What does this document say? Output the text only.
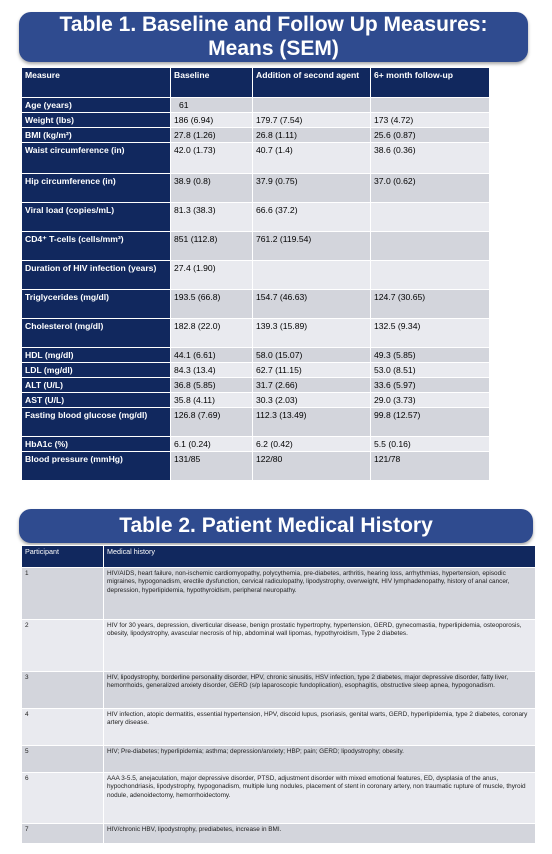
Table 1. Baseline and Follow Up Measures:
Means (SEM)
Measure	Baseline	Addition of second agent	6+ month follow-up
Age (years)	61		
Weight (lbs)	186 (6.94)	179.7 (7.54)	173 (4.72)
BMI (kg/m²)	27.8 (1.26)	26.8 (1.11)	25.6 (0.87)
Waist circumference (in)	42.0 (1.73)	40.7 (1.4)	38.6 (0.36)
Hip circumference (in)	38.9 (0.8)	37.9 (0.75)	37.0 (0.62)
Viral load (copies/mL)	81.3 (38.3)	66.6 (37.2)	
CD4⁺ T-cells (cells/mm³)	851 (112.8)	761.2 (119.54)	
Duration of HIV infection (years)	27.4 (1.90)		
Triglycerides (mg/dl)	193.5 (66.8)	154.7 (46.63)	124.7 (30.65)
Cholesterol (mg/dl)	182.8 (22.0)	139.3 (15.89)	132.5 (9.34)
HDL (mg/dl)	44.1 (6.61)	58.0 (15.07)	49.3 (5.85)
LDL (mg/dl)	84.3 (13.4)	62.7 (11.15)	53.0 (8.51)
ALT (U/L)	36.8 (5.85)	31.7 (2.66)	33.6 (5.97)
AST (U/L)	35.8 (4.11)	30.3 (2.03)	29.0 (3.73)
Fasting blood glucose (mg/dl)	126.8 (7.69)	112.3 (13.49)	99.8 (12.57)
HbA1c (%)	6.1 (0.24)	6.2 (0.42)	5.5 (0.16)
Blood pressure (mmHg)	131/85	122/80	121/78
Table 2. Patient Medical History
Participant	Medical history
1	HIV/AIDS, heart failure, non-ischemic cardiomyopathy, polycythemia, pre-diabetes, arthritis, hearing loss, arrhythmias, hypertension, episodic migraines, hypogonadism, erectile dysfunction, cervical radiculopathy, lipodystrophy, overweight, HIV lymphadenopathy, history of anal cancer, depression, hyperlipidemia, hypothyroidism, peripheral neuropathy.
2	HIV for 30 years, depression, diverticular disease, benign prostatic hypertrophy, hypertension, GERD, gynecomastia, hyperlipidemia, osteoporosis, obesity, lipodystrophy, avascular necrosis of hip, abdominal wall lipomas, hypothyroidism, Type 2 diabetes.
3	HIV, lipodystrophy, borderline personality disorder, HPV, chronic sinusitis, HSV infection, type 2 diabetes, major depressive disorder, fatty liver, hemorrhoids, generalized anxiety disorder, GERD (s/p laparoscopic fundoplication), esophagitis, obstructive sleep apnea, hypogonadism.
4	HIV infection, atopic dermatitis, essential hypertension, HPV, discoid lupus, psoriasis, genital warts, GERD, hyperlipidemia, type 2 diabetes, coronary artery disease.
5	HIV; Pre-diabetes; hyperlipidemia; asthma; depression/anxiety; HBP; pain; GERD; lipodystrophy; obesity.
6	AAA 3-5.5, anejaculation, major depressive disorder, PTSD, adjustment disorder with mixed emotional features, ED, dysplasia of the anus, hypochondriasis, lipodystrophy, hypogonadism, multiple lung nodules, placement of stent in coronary artery, non traumatic rupture of muscle, thyroid nodule, adenoidectomy, hemorrhoidectomy.
7	HIV/chronic HBV, lipodystrophy, prediabetes, increase in BMI.
